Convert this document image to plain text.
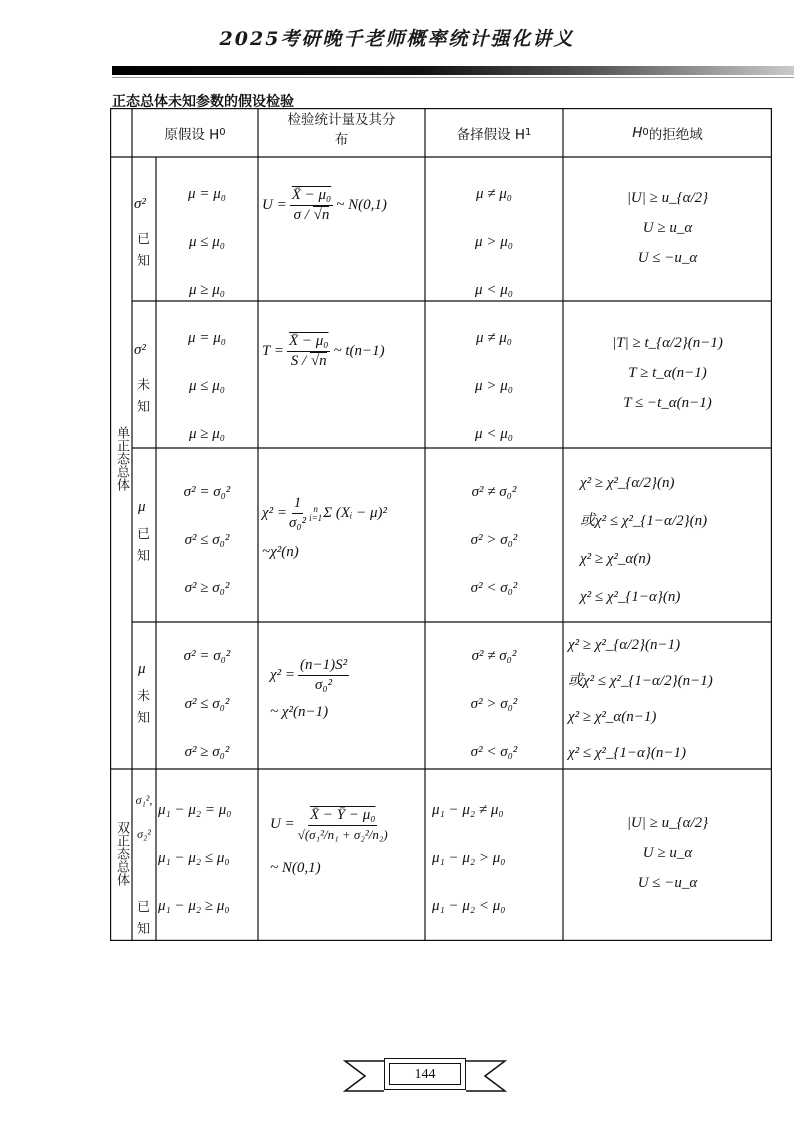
2025考研晚千老师概率统计强化讲义
正态总体未知参数的假设检验
原假设 H 0
检验统计量及其分
布	备择假设 H 1	H 0 的拒绝域
单正态总体
双正态总体
σ²
已知
μ = μ₀
μ ≤ μ₀
μ ≥ μ₀
$U = \frac{\text{X̄ − μ₀}}{\sigma / √n}$ ~ N(0,1)
μ ≠ μ₀
μ > μ₀
μ < μ₀
|U| ≥ u_{α/2}
U ≥ u_α
U ≤ −u_α
σ²
未知
μ = μ₀
μ ≤ μ₀
μ ≥ μ₀
$T = \frac{\text{X̄ − μ₀}}{S / √n}$ ~ t(n−1)
μ ≠ μ₀
μ > μ₀
μ < μ₀
|T| ≥ t_{α/2}(n−1)
T ≥ t_α(n−1)
T ≤ −t_α(n−1)
μ
已知
σ² = σ₀²
σ² ≤ σ₀²
σ² ≥ σ₀²
$\chi^2 = \frac{1}{\text{σ₀²}}$ n
i=1 Σ (Xᵢ − μ)²
~χ²(n)
σ² ≠ σ₀²
σ² > σ₀²
σ² < σ₀²
χ² ≥ χ²_{α/2}(n)
或χ² ≤ χ²_{1−α/2}(n)
χ² ≥ χ²_α(n)
χ² ≤ χ²_{1−α}(n)
μ
未知
σ² = σ₀²
σ² ≤ σ₀²
σ² ≥ σ₀²
$\chi^2 = \frac{\text{(n−1)S²}}{\text{σ₀²}}$
~ χ²(n−1)
σ² ≠ σ₀²
σ² > σ₀²
σ² < σ₀²
χ² ≥ χ²_{α/2}(n−1)
或χ² ≤ χ²_{1−α/2}(n−1)
χ² ≥ χ²_α(n−1)
χ² ≤ χ²_{1−α}(n−1)
σ₁², σ₂²
已知
μ₁ − μ₂ = μ₀
μ₁ − μ₂ ≤ μ₀
μ₁ − μ₂ ≥ μ₀
$U = \frac{\text{X̄ − Ȳ − μ₀}}{\text{√(σ₁²/n₁ + σ₂²/n₂)}}$
~ N(0,1)
μ₁ − μ₂ ≠ μ₀
μ₁ − μ₂ > μ₀
μ₁ − μ₂ < μ₀
|U| ≥ u_{α/2}
U ≥ u_α
U ≤ −u_α
144
